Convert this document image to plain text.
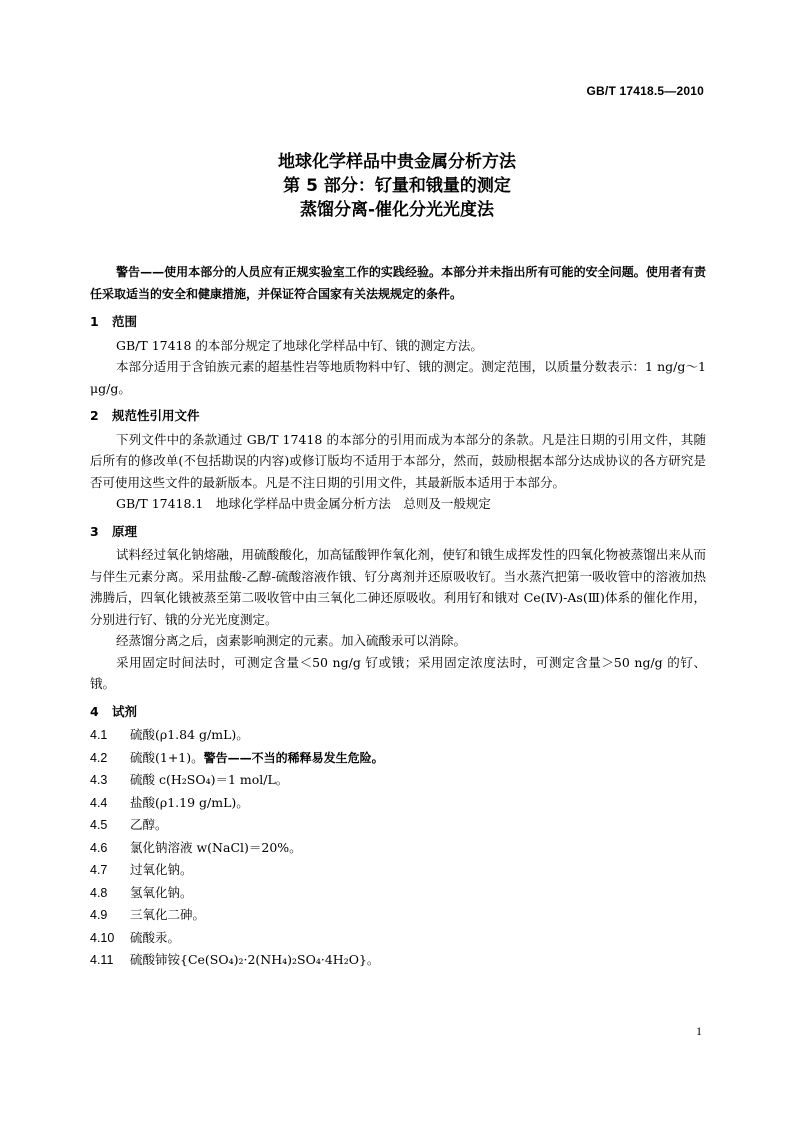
GB/T 17418.5—2010
地球化学样品中贵金属分析方法
第 5 部分：钌量和锇量的测定
蒸馏分离-催化分光光度法

警告——使用本部分的人员应有正规实验室工作的实践经验。本部分并未指出所有可能的安全问题。使用者有责任采取适当的安全和健康措施，并保证符合国家有关法规规定的条件。

1 范围

GB/T 17418 的本部分规定了地球化学样品中钌、锇的测定方法。

本部分适用于含铂族元素的超基性岩等地质物料中钌、锇的测定。测定范围，以质量分数表示：1 ng/g～1 μg/g。

2 规范性引用文件

下列文件中的条款通过 GB/T 17418 的本部分的引用而成为本部分的条款。凡是注日期的引用文件，其随后所有的修改单(不包括勘误的内容)或修订版均不适用于本部分，然而，鼓励根据本部分达成协议的各方研究是否可使用这些文件的最新版本。凡是不注日期的引用文件，其最新版本适用于本部分。

GB/T 17418.1　地球化学样品中贵金属分析方法　总则及一般规定

3 原理

试料经过氧化钠熔融，用硫酸酸化，加高锰酸钾作氧化剂，使钌和锇生成挥发性的四氧化物被蒸馏出来从而与伴生元素分离。采用盐酸-乙醇-硫酸溶液作锇、钌分离剂并还原吸收钌。当水蒸汽把第一吸收管中的溶液加热沸腾后，四氧化锇被蒸至第二吸收管中由三氧化二砷还原吸收。利用钌和锇对 Ce(Ⅳ)-As(Ⅲ)体系的催化作用，分别进行钌、锇的分光光度测定。

经蒸馏分离之后，卤素影响测定的元素。加入硫酸汞可以消除。

采用固定时间法时，可测定含量＜50 ng/g 钌或锇；采用固定浓度法时，可测定含量＞50 ng/g 的钌、锇。

4 试剂

4.1 硫酸(ρ1.84 g/mL)。

4.2 硫酸(1+1)。警告——不当的稀释易发生危险。

4.3 硫酸 c(H₂SO₄)＝1 mol/L。

4.4 盐酸(ρ1.19 g/mL)。

4.5 乙醇。

4.6 氯化钠溶液 w(NaCl)＝20%。

4.7 过氧化钠。

4.8 氢氧化钠。

4.9 三氧化二砷。

4.10 硫酸汞。

4.11 硫酸铈铵{Ce(SO₄)₂·2(NH₄)₂SO₄·4H₂O}。

1
